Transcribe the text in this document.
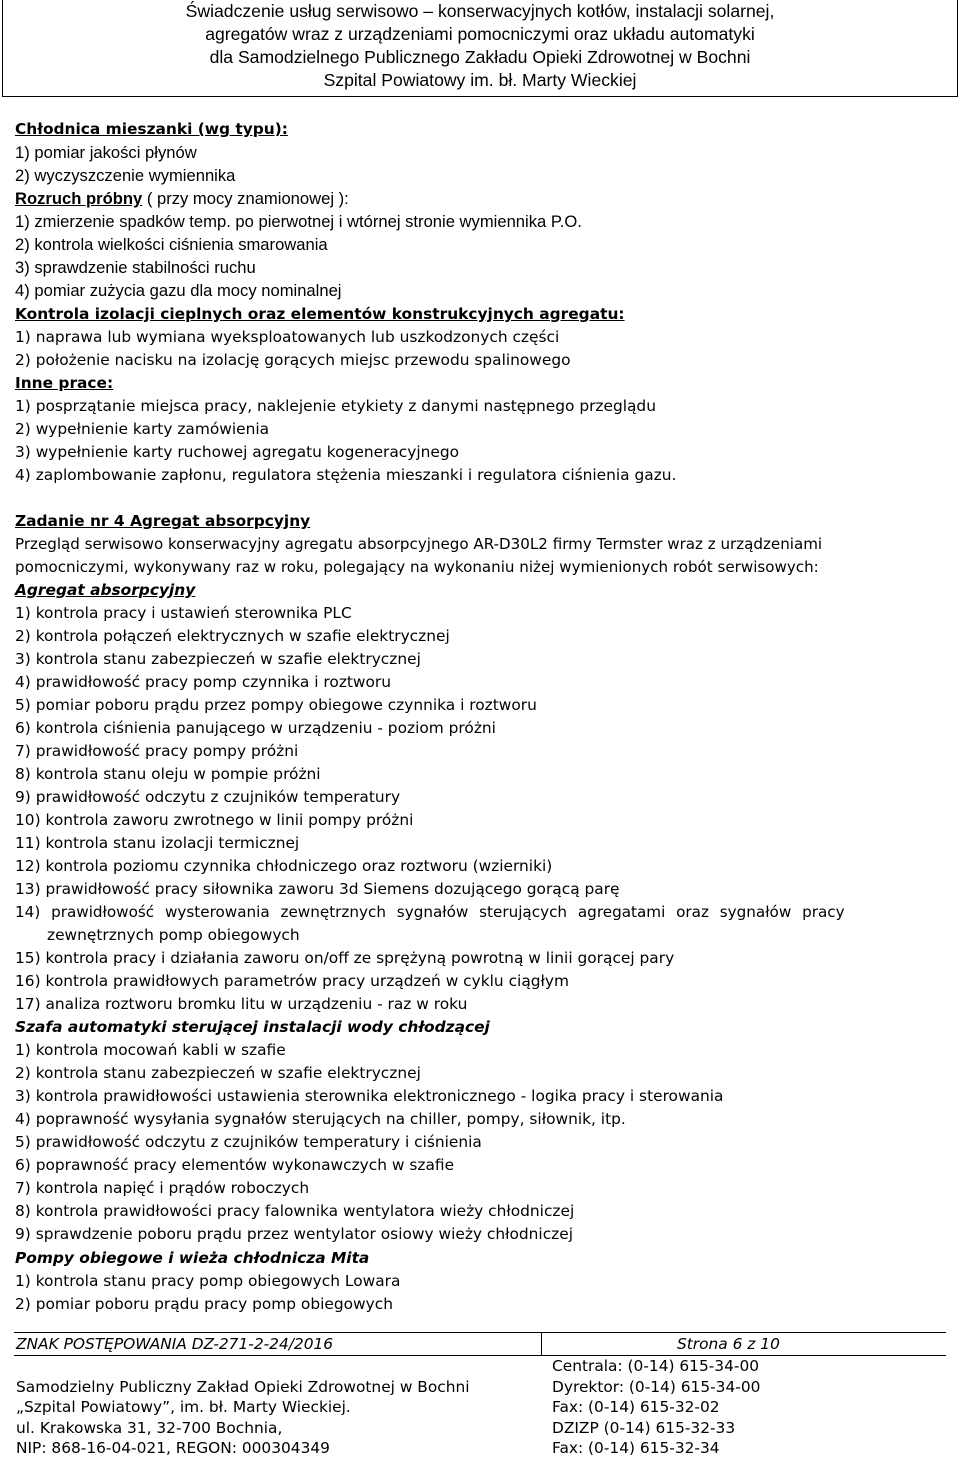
Świadczenie usług serwisowo – konserwacyjnych kotłów, instalacji solarnej,
agregatów wraz z urządzeniami pomocniczymi oraz układu automatyki
dla Samodzielnego Publicznego Zakładu Opieki Zdrowotnej w Bochni
Szpital Powiatowy im. bł. Marty Wieckiej
Chłodnica mieszanki (wg typu):
1) pomiar jakości płynów
2) wyczyszczenie wymiennika
Rozruch próbny ( przy mocy znamionowej ):
1) zmierzenie spadków temp. po pierwotnej i wtórnej stronie wymiennika P.O.
2) kontrola wielkości ciśnienia smarowania
3) sprawdzenie stabilności ruchu
4) pomiar zużycia gazu dla mocy nominalnej
Kontrola izolacji cieplnych oraz elementów konstrukcyjnych agregatu:
1) naprawa lub wymiana wyeksploatowanych lub uszkodzonych części
2) położenie nacisku na izolację gorących miejsc przewodu spalinowego
Inne prace:
1) posprzątanie miejsca pracy, naklejenie etykiety z danymi następnego przeglądu
2) wypełnienie karty zamówienia
3) wypełnienie karty ruchowej agregatu kogeneracyjnego
4) zaplombowanie zapłonu, regulatora stężenia mieszanki i regulatora ciśnienia gazu.
Zadanie nr 4 Agregat absorpcyjny
Przegląd serwisowo konserwacyjny agregatu absorpcyjnego AR-D30L2 firmy Termster wraz z urządzeniami
pomocniczymi, wykonywany raz w roku, polegający na wykonaniu niżej wymienionych robót serwisowych:
Agregat absorpcyjny
1) kontrola pracy i ustawień sterownika PLC
2) kontrola połączeń elektrycznych w szafie elektrycznej
3) kontrola stanu zabezpieczeń w szafie elektrycznej
4) prawidłowość pracy pomp czynnika i roztworu
5) pomiar poboru prądu przez pompy obiegowe czynnika i roztworu
6) kontrola ciśnienia panującego w urządzeniu - poziom próżni
7) prawidłowość pracy pompy próżni
8) kontrola stanu oleju w pompie próżni
9) prawidłowość odczytu z czujników temperatury
10) kontrola zaworu zwrotnego w linii pompy próżni
11) kontrola stanu izolacji termicznej
12) kontrola poziomu czynnika chłodniczego oraz roztworu (wzierniki)
13) prawidłowość pracy siłownika zaworu 3d Siemens dozującego gorącą parę
14) prawidłowość wysterowania zewnętrznych sygnałów sterujących agregatami oraz sygnałów pracy
zewnętrznych pomp obiegowych
15) kontrola pracy i działania zaworu on/off ze sprężyną powrotną w linii gorącej pary
16) kontrola prawidłowych parametrów pracy urządzeń w cyklu ciągłym
17) analiza roztworu bromku litu w urządzeniu - raz w roku
Szafa automatyki sterującej instalacji wody chłodzącej
1) kontrola mocowań kabli w szafie
2) kontrola stanu zabezpieczeń w szafie elektrycznej
3) kontrola prawidłowości ustawienia sterownika elektronicznego - logika pracy i sterowania
4) poprawność wysyłania sygnałów sterujących na chiller, pompy, siłownik, itp.
5) prawidłowość odczytu z czujników temperatury i ciśnienia
6) poprawność pracy elementów wykonawczych w szafie
7) kontrola napięć i prądów roboczych
8) kontrola prawidłowości pracy falownika wentylatora wieży chłodniczej
9) sprawdzenie poboru prądu przez wentylator osiowy wieży chłodniczej
Pompy obiegowe i wieża chłodnicza Mita
1) kontrola stanu pracy pomp obiegowych Lowara
2) pomiar poboru prądu pracy pomp obiegowych
ZNAK POSTĘPOWANIA DZ-271-2-24/2016	Strona 6 z 10
Samodzielny Publiczny Zakład Opieki Zdrowotnej w Bochni
„Szpital Powiatowy”, im. bł. Marty Wieckiej.
ul. Krakowska 31, 32-700 Bochnia,
NIP: 868-16-04-021, REGON: 000304349
Centrala: (0-14) 615-34-00
Dyrektor: (0-14) 615-34-00
Fax: (0-14) 615-32-02
DZIZP (0-14) 615-32-33
Fax: (0-14) 615-32-34
